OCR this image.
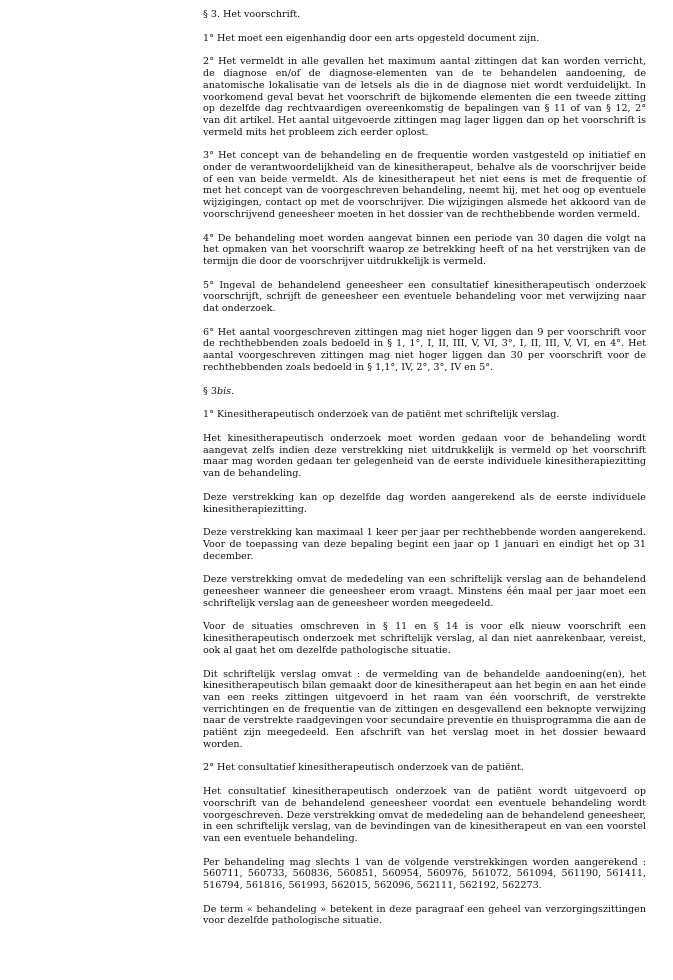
§ 3. Het voorschrift.

1° Het moet een eigenhandig door een arts opgesteld document zijn.

2° Het vermeldt in alle gevallen het maximum aantal zittingen dat kan worden verricht, de diagnose en/of de diagnose-elementen van de te behandelen aandoening, de anatomische lokalisatie van de letsels als die in de diagnose niet wordt verduidelijkt. In voorkomend geval bevat het voorschrift de bijkomende elementen die een tweede zitting op dezelfde dag rechtvaardigen overeenkomstig de bepalingen van § 11 of van § 12, 2° van dit artikel. Het aantal uitgevoerde zittingen mag lager liggen dan op het voorschrift is vermeld mits het probleem zich eerder oplost.

3° Het concept van de behandeling en de frequentie worden vastgesteld op initiatief en onder de verantwoordelijkheid van de kinesitherapeut, behalve als de voorschrijver beide of een van beide vermeldt. Als de kinesitherapeut het niet eens is met de frequentie of met het concept van de voorgeschreven behandeling, neemt hij, met het oog op eventuele wijzigingen, contact op met de voorschrijver. Die wijzigingen alsmede het akkoord van de voorschrijvend geneesheer moeten in het dossier van de rechthebbende worden vermeld.

4° De behandeling moet worden aangevat binnen een periode van 30 dagen die volgt na het opmaken van het voorschrift waarop ze betrekking heeft of na het verstrijken van de termijn die door de voorschrijver uitdrukkelijk is vermeld.

5° Ingeval de behandelend geneesheer een consultatief kinesitherapeutisch onderzoek voorschrijft, schrijft de geneesheer een eventuele behandeling voor met verwijzing naar dat onderzoek.

6° Het aantal voorgeschreven zittingen mag niet hoger liggen dan 9 per voorschrift voor de rechthebbenden zoals bedoeld in § 1, 1°, I, II, III, V, VI, 3°, I, II, III, V, VI, en 4°. Het aantal voorgeschreven zittingen mag niet hoger liggen dan 30 per voorschrift voor de rechthebbenden zoals bedoeld in § 1,1°, IV, 2°, 3°, IV en 5°.

§ 3bis.

1° Kinesitherapeutisch onderzoek van de patiënt met schriftelijk verslag.

Het kinesitherapeutisch onderzoek moet worden gedaan voor de behandeling wordt aangevat zelfs indien deze verstrekking niet uitdrukkelijk is vermeld op het voorschrift maar mag worden gedaan ter gelegenheid van de eerste individuele kinesitherapiezitting van de behandeling.

Deze verstrekking kan op dezelfde dag worden aangerekend als de eerste individuele kinesitherapiezitting.

Deze verstrekking kan maximaal 1 keer per jaar per rechthebbende worden aangerekend. Voor de toepassing van deze bepaling begint een jaar op 1 januari en eindigt het op 31 december.

Deze verstrekking omvat de mededeling van een schriftelijk verslag aan de behandelend geneesheer wanneer die geneesheer erom vraagt. Minstens één maal per jaar moet een schriftelijk verslag aan de geneesheer worden meegedeeld.

Voor de situaties omschreven in § 11 en § 14 is voor elk nieuw voorschrift een kinesitherapeutisch onderzoek met schriftelijk verslag, al dan niet aanrekenbaar, vereist, ook al gaat het om dezelfde pathologische situatie.

Dit schriftelijk verslag omvat : de vermelding van de behandelde aandoening(en), het kinesitherapeutisch bilan gemaakt door de kinesitherapeut aan het begin en aan het einde van een reeks zittingen uitgevoerd in het raam van één voorschrift, de verstrekte verrichtingen en de frequentie van de zittingen en desgevallend een beknopte verwijzing naar de verstrekte raadgevingen voor secundaire preventie en thuisprogramma die aan de patiënt zijn meegedeeld. Een afschrift van het verslag moet in het dossier bewaard worden.

2° Het consultatief kinesitherapeutisch onderzoek van de patiënt.

Het consultatief kinesitherapeutisch onderzoek van de patiënt wordt uitgevoerd op voorschrift van de behandelend geneesheer voordat een eventuele behandeling wordt voorgeschreven. Deze verstrekking omvat de mededeling aan de behandelend geneesheer, in een schriftelijk verslag, van de bevindingen van de kinesitherapeut en van een voorstel van een eventuele behandeling.

Per behandeling mag slechts 1 van de volgende verstrekkingen worden aangerekend : 560711, 560733, 560836, 560851, 560954, 560976, 561072, 561094, 561190, 561411, 516794, 561816, 561993, 562015, 562096, 562111, 562192, 562273.

De term « behandeling » betekent in deze paragraaf een geheel van verzorgingszittingen voor dezelfde pathologische situatie.
